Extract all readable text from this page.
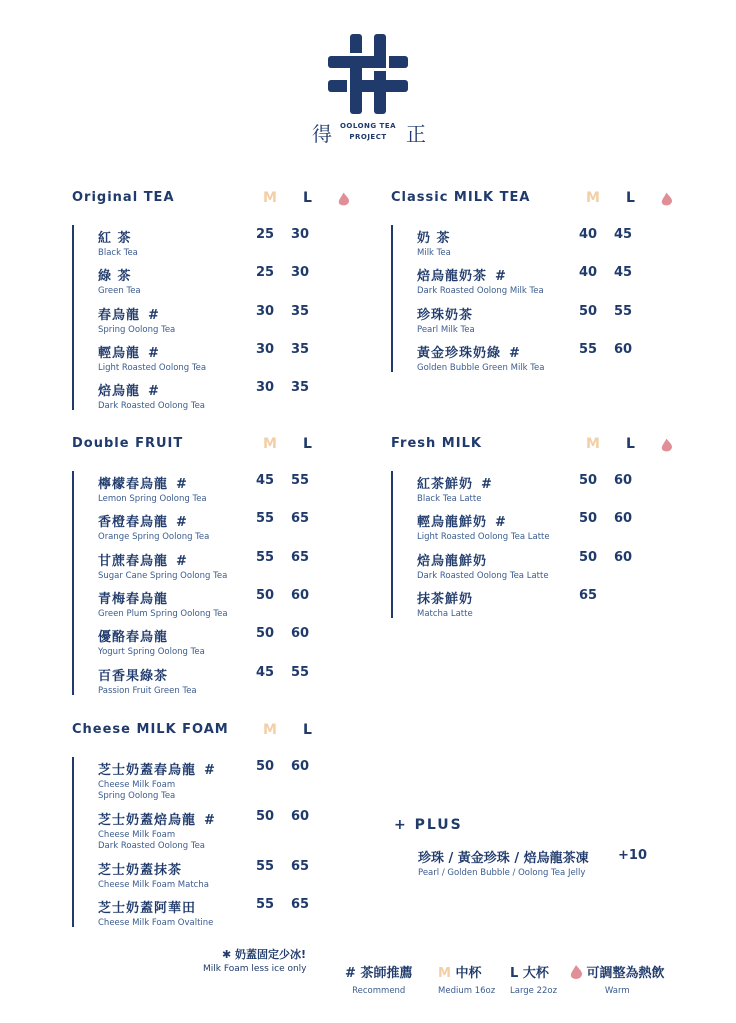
得	正
OOLONG TEA
PROJECT
Original TEA	M L
紅 茶
Black Tea
25 30
綠 茶
Green Tea
25 30
春烏龍 #
Spring Oolong Tea
30 35
輕烏龍 #
Light Roasted Oolong Tea
30 35
焙烏龍 #
Dark Roasted Oolong Tea
30 35
Double FRUIT	M L
檸檬春烏龍 #
Lemon Spring Oolong Tea
45 55
香橙春烏龍 #
Orange Spring Oolong Tea
55 65
甘蔗春烏龍 #
Sugar Cane Spring Oolong Tea
55 65
青梅春烏龍
Green Plum Spring Oolong Tea
50 60
優酪春烏龍
Yogurt Spring Oolong Tea
50 60
百香果綠茶
Passion Fruit Green Tea
45 55
Cheese MILK FOAM M L
芝士奶蓋春烏龍 #
Cheese Milk Foam
Spring Oolong Tea
50 60
芝士奶蓋焙烏龍 #
Cheese Milk Foam
Dark Roasted Oolong Tea
50 60
芝士奶蓋抹茶
Cheese Milk Foam Matcha
55 65
芝士奶蓋阿華田
Cheese Milk Foam Ovaltine
55 65
Classic MILK TEA	M L
奶 茶
Milk Tea
40 45
焙烏龍奶茶 #
Dark Roasted Oolong Milk Tea
40 45
珍珠奶茶
Pearl Milk Tea
50 55
黃金珍珠奶綠 #
Golden Bubble Green Milk Tea
55 60
Fresh MILK	M L
紅茶鮮奶 #
Black Tea Latte
50 60
輕烏龍鮮奶 #
Light Roasted Oolong Tea Latte
50 60
焙烏龍鮮奶
Dark Roasted Oolong Tea Latte
50 60
抹茶鮮奶
Matcha Latte
65
+ PLUS
珍珠 / 黃金珍珠 / 焙烏龍茶凍
Pearl / Golden Bubble / Oolong Tea Jelly
+10
✱ 奶蓋固定少冰!
Milk Foam less ice only	# 茶師推薦
Recommend
M 中杯
Medium 16oz
L 大杯
Large 22oz
可調整為熱飲
Warm
